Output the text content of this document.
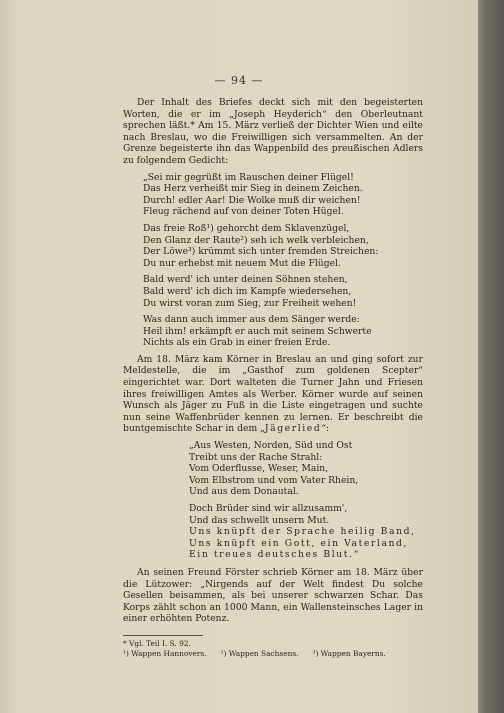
— 94 —

Der Inhalt des Briefes deckt sich mit den begeisterten Worten, die er im „Joseph Heyderich“ den Oberleutnant sprechen läßt.* Am 15. März verließ der Dichter Wien und eilte nach Breslau, wo die Freiwilligen sich versammelten. An der Grenze begeisterte ihn das Wappenbild des preußischen Adlers zu folgendem Gedicht:

„Sei mir gegrüßt im Rauschen deiner Flügel!
Das Herz verheißt mir Sieg in deinem Zeichen.
Durch! edler Aar! Die Wolke muß dir weichen!
Fleug rächend auf von deiner Toten Hügel.
Das freie Roß¹) gehorcht dem Sklavenzügel,
Den Glanz der Raute²) seh ich welk verbleichen,
Der Löwe³) krümmt sich unter fremden Streichen:
Du nur erhebst mit neuem Mut die Flügel.
Bald werd' ich unter deinen Söhnen stehen,
Bald werd' ich dich im Kampfe wiedersehen,
Du wirst voran zum Sieg, zur Freiheit wehen!
Was dann auch immer aus dem Sänger werde:
Heil ihm! erkämpft er auch mit seinem Schwerte
Nichts als ein Grab in einer freien Erde.

Am 18. März kam Körner in Breslau an und ging sofort zur Meldestelle, die im „Gasthof zum goldenen Scepter“ eingerichtet war. Dort walteten die Turner Jahn und Friesen ihres freiwilligen Amtes als Werber. Körner wurde auf seinen Wunsch als Jäger zu Fuß in die Liste eingetragen und suchte nun seine Waffenbrüder kennen zu lernen. Er beschreibt die buntgemischte Schar in dem „Jägerlied“:

„Aus Westen, Norden, Süd und Ost
Treibt uns der Rache Strahl:
Vom Oderflusse, Weser, Main,
Vom Elbstrom und vom Vater Rhein,
Und aus dem Donautal.
Doch Brüder sind wir allzusamm',
Und das schwellt unsern Mut.
Uns knüpft der Sprache heilig Band,
Uns knüpft ein Gott, ein Vaterland,
Ein treues deutsches Blut.“

An seinen Freund Förster schrieb Körner am 18. März über die Lützower: „Nirgends auf der Welt findest Du solche Gesellen beisammen, als bei unserer schwarzen Schar. Das Korps zählt schon an 1000 Mann, ein Wallensteinsches Lager in einer erhöhten Potenz.

* Vgl. Teil I. S. 92.
¹) Wappen Hannovers. ²) Wappen Sachsens. ³) Wappen Bayerns.
